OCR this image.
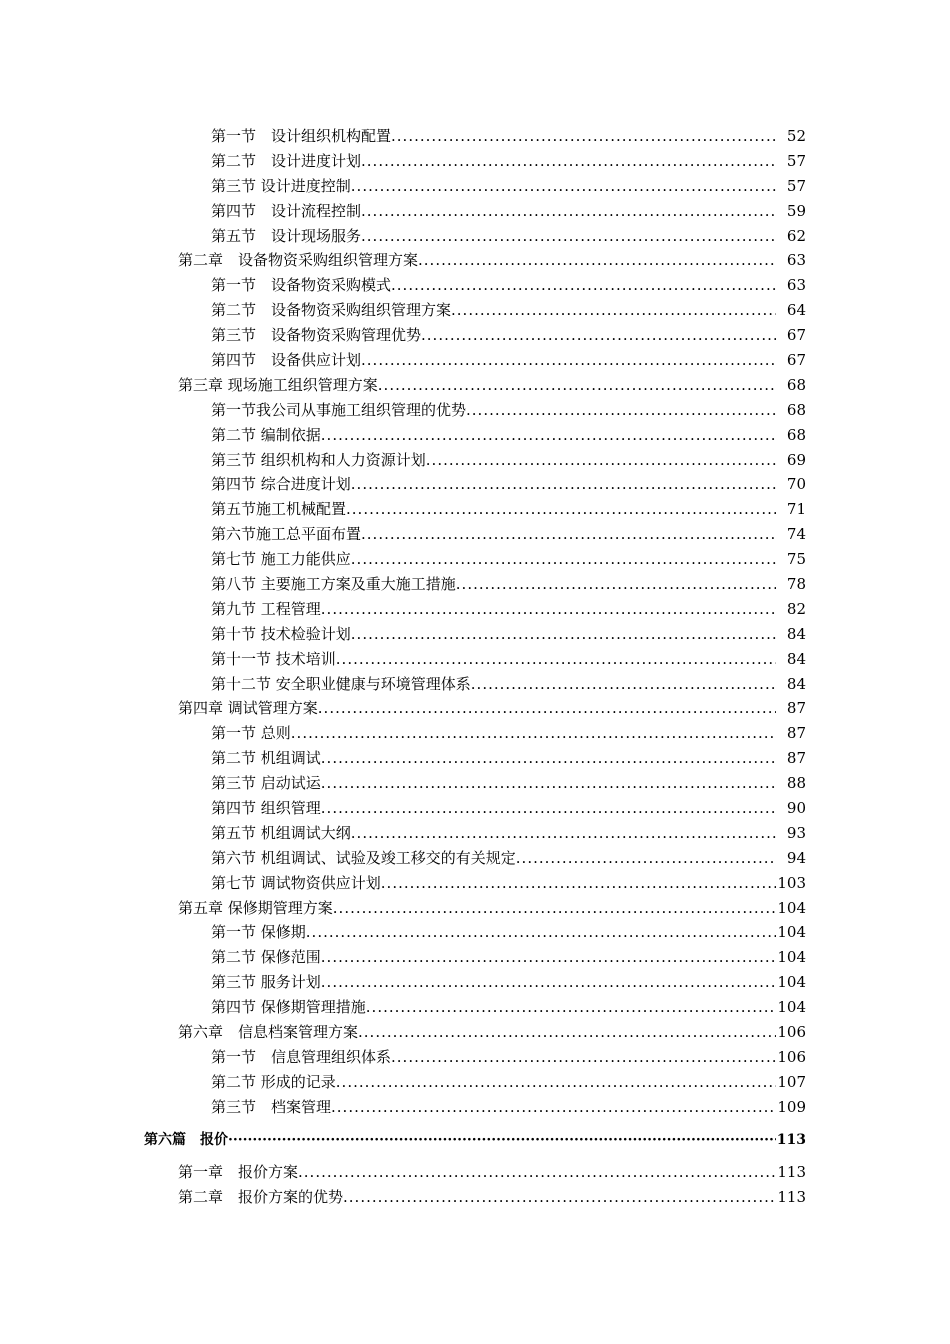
第一节　设计组织机构配置 .....	52
第二节　设计进度计划 .....	57
第三节 设计进度控制 .....	57
第四节　设计流程控制 .....	59
第五节　设计现场服务 .....	62
第二章　设备物资采购组织管理方案 .....	63
第一节　设备物资采购模式 .....	63
第二节　设备物资采购组织管理方案 .....	64
第三节　设备物资采购管理优势 .....	67
第四节　设备供应计划 .....	67
第三章 现场施工组织管理方案 .....	68
第一节我公司从事施工组织管理的优势 .....	68
第二节 编制依据 .....	68
第三节 组织机构和人力资源计划 .....	69
第四节 综合进度计划 .....	70
第五节施工机械配置 .....	71
第六节施工总平面布置 .....	74
第七节 施工力能供应 .....	75
第八节 主要施工方案及重大施工措施 .....	78
第九节 工程管理 .....	82
第十节 技术检验计划 .....	84
第十一节 技术培训 .....	84
第十二节 安全职业健康与环境管理体系 .....	84
第四章 调试管理方案 .....	87
第一节 总则 .....	87
第二节 机组调试 .....	87
第三节 启动试运 .....	88
第四节 组织管理 .....	90
第五节 机组调试大纲 .....	93
第六节 机组调试、试验及竣工移交的有关规定 .....	94
第七节 调试物资供应计划 .....	103
第五章 保修期管理方案 .....	104
第一节 保修期 .....	104
第二节 保修范围 .....	104
第三节 服务计划 .....	104
第四节 保修期管理措施 .....	104
第六章　信息档案管理方案 .....	106
第一节　信息管理组织体系 .....	106
第二节 形成的记录 .....	107
第三节　档案管理 .....	109
第六篇　报价 ·····	113
第一章　报价方案 .....	113
第二章　报价方案的优势 .....	113
